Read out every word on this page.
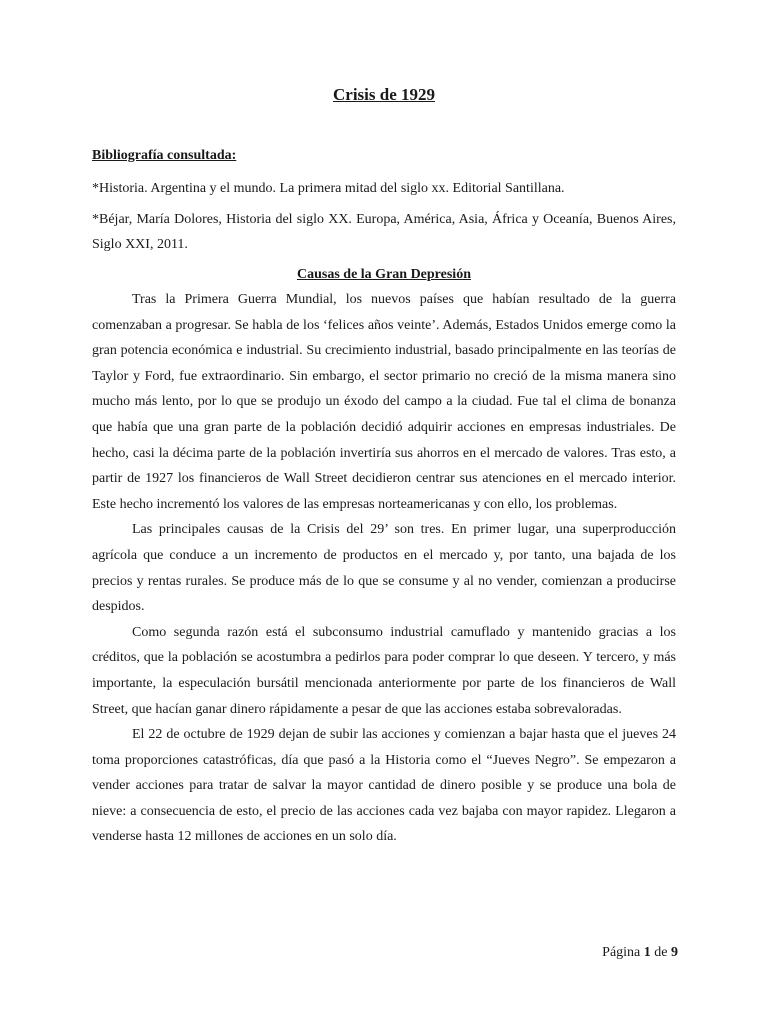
Crisis de 1929

Bibliografía consultada:

*Historia. Argentina y el mundo. La primera mitad del siglo xx. Editorial Santillana.

*Béjar, María Dolores, Historia del siglo XX. Europa, América, Asia, África y Oceanía, Buenos Aires, Siglo XXI, 2011.

Causas de la Gran Depresión

Tras la Primera Guerra Mundial, los nuevos países que habían resultado de la guerra comenzaban a progresar. Se habla de los ‘felices años veinte’. Además, Estados Unidos emerge como la gran potencia económica e industrial. Su crecimiento industrial, basado principalmente en las teorías de Taylor y Ford, fue extraordinario. Sin embargo, el sector primario no creció de la misma manera sino mucho más lento, por lo que se produjo un éxodo del campo a la ciudad. Fue tal el clima de bonanza que había que una gran parte de la población decidió adquirir acciones en empresas industriales. De hecho, casi la décima parte de la población invertiría sus ahorros en el mercado de valores. Tras esto, a partir de 1927 los financieros de Wall Street decidieron centrar sus atenciones en el mercado interior. Este hecho incrementó los valores de las empresas norteamericanas y con ello, los problemas.

Las principales causas de la Crisis del 29’ son tres. En primer lugar, una superproducción agrícola que conduce a un incremento de productos en el mercado y, por tanto, una bajada de los precios y rentas rurales. Se produce más de lo que se consume y al no vender, comienzan a producirse despidos.

Como segunda razón está el subconsumo industrial camuflado y mantenido gracias a los créditos, que la población se acostumbra a pedirlos para poder comprar lo que deseen. Y tercero, y más importante, la especulación bursátil mencionada anteriormente por parte de los financieros de Wall Street, que hacían ganar dinero rápidamente a pesar de que las acciones estaba sobrevaloradas.

El 22 de octubre de 1929 dejan de subir las acciones y comienzan a bajar hasta que el jueves 24 toma proporciones catastróficas, día que pasó a la Historia como el “Jueves Negro”. Se empezaron a vender acciones para tratar de salvar la mayor cantidad de dinero posible y se produce una bola de nieve: a consecuencia de esto, el precio de las acciones cada vez bajaba con mayor rapidez. Llegaron a venderse hasta 12 millones de acciones en un solo día.

Página 1 de 9
